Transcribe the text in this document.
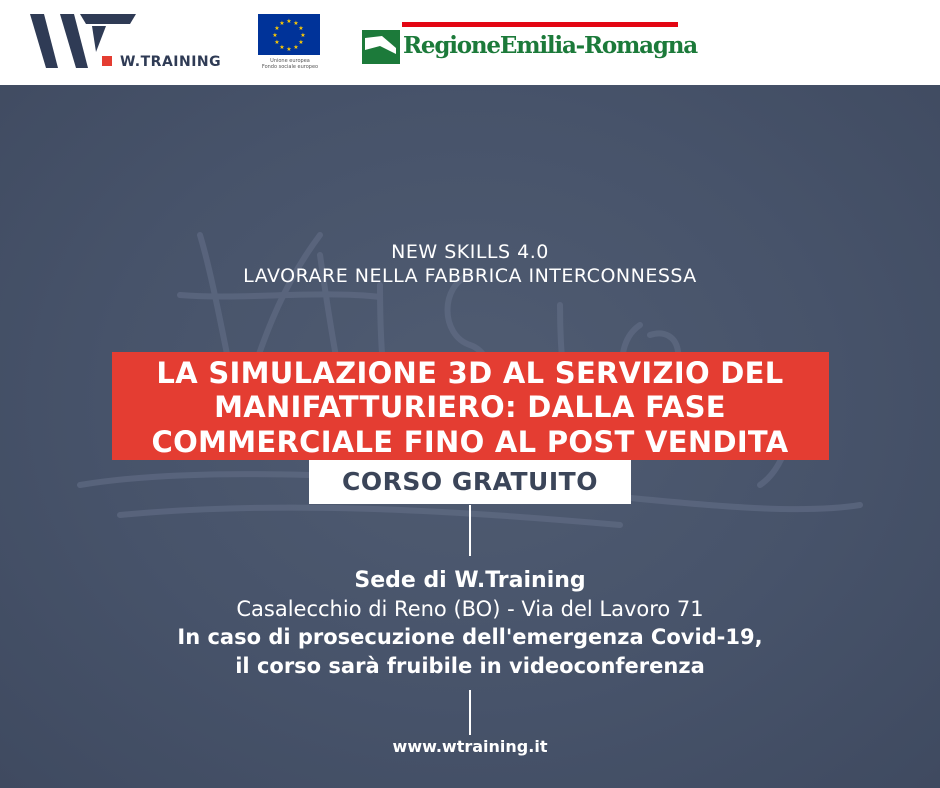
W.TRAINING
★ ★
★
★
★
★
★
★
★
★
★
★
Unione europea
Fondo sociale europeo
RegioneEmilia-Romagna
NEW SKILLS 4.0
LAVORARE NELLA FABBRICA INTERCONNESSA
LA SIMULAZIONE 3D AL SERVIZIO DEL
MANIFATTURIERO: DALLA FASE
COMMERCIALE FINO AL POST VENDITA
CORSO GRATUITO
Sede di W.Training
Casalecchio di Reno (BO) - Via del Lavoro 71
In caso di prosecuzione dell'emergenza Covid-19,
il corso sarà fruibile in videoconferenza
www.wtraining.it
